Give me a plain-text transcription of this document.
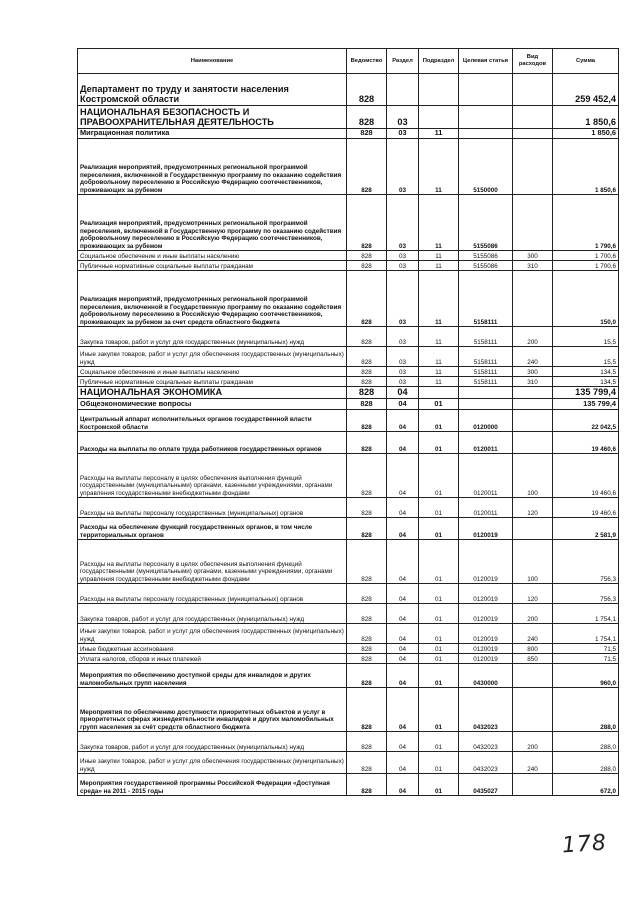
Наименование	Ведомство	Раздел	Подраздел	Целевая статья	Вид расходов	Сумма
Департамент по труду и занятости населения Костромской области	828					259 452,4
НАЦИОНАЛЬНАЯ БЕЗОПАСНОСТЬ И ПРАВООХРАНИТЕЛЬНАЯ ДЕЯТЕЛЬНОСТЬ	828	03				1 850,6
Миграционная политика	828	03	11			1 850,6
Реализация мероприятий, предусмотренных региональной программой переселения, включенной в Государственную программу по оказанию содействия добровольному переселению в Российскую Федерацию соотечественников, проживающих за рубежом	828	03	11	5150000		1 850,6
Реализация мероприятий, предусмотренных региональной программой переселения, включенной в Государственную программу по оказанию содействия добровольному переселению в Российскую Федерацию соотечественников, проживающих за рубежом	828	03	11	5155086		1 790,6
Социальное обеспечение и иные выплаты населению	828	03	11	5155086	300	1 700,6
Публичные нормативные социальные выплаты гражданам	828	03	11	5155086	310	1 700,6
Реализация мероприятий, предусмотренных региональной программой переселения, включенной в Государственную программу по оказанию содействия добровольному переселению в Российскую Федерацию соотечественников, проживающих за рубежом за счет средств областного бюджета	828	03	11	5158111		150,0
Закупка товаров, работ и услуг для государственных (муниципальных) нужд	828	03	11	5158111	200	15,5
Иные закупки товаров, работ и услуг для обеспечения государственных (муниципальных) нужд	828	03	11	5158111	240	15,5
Социальное обеспечение и иные выплаты населению	828	03	11	5158111	300	134,5
Публичные нормативные социальные выплаты гражданам	828	03	11	5158111	310	134,5
НАЦИОНАЛЬНАЯ ЭКОНОМИКА	828	04				135 799,4
Общеэкономические вопросы	828	04	01			135 799,4
Центральный аппарат исполнительных органов государственной власти Костромской области	828	04	01	0120000		22 042,5
Расходы на выплаты по оплате труда работников государственных органов	828	04	01	0120011		19 460,6
Расходы на выплаты персоналу в целях обеспечения выполнения функций государственными (муниципальными) органами, казенными учреждениями, органами управления государственными внебюджетными фондами	828	04	01	0120011	100	19 460,6
Расходы на выплаты персоналу государственных (муниципальных) органов	828	04	01	0120011	120	19 460,6
Расходы на обеспечение функций государственных органов, в том числе территориальных органов	828	04	01	0120019		2 581,9
Расходы на выплаты персоналу в целях обеспечения выполнения функций государственными (муниципальными) органами, казенными учреждениями, органами управления государственными внебюджетными фондами	828	04	01	0120019	100	756,3
Расходы на выплаты персоналу государственных (муниципальных) органов	828	04	01	0120019	120	756,3
Закупка товаров, работ и услуг для государственных (муниципальных) нужд	828	04	01	0120019	200	1 754,1
Иные закупки товаров, работ и услуг для обеспечения государственных (муниципальных) нужд	828	04	01	0120019	240	1 754,1
Иные бюджетные ассигнования	828	04	01	0120019	800	71,5
Уплата налогов, сборов и иных платежей	828	04	01	0120019	850	71,5
Мероприятия по обеспечению доступной среды для инвалидов и других маломобильных групп населения	828	04	01	0430000		960,0
Мероприятия по обеспечению доступности приоритетных объектов и услуг в приоритетных сферах жизнедеятельности инвалидов и других маломобильных групп населения за счёт средств областного бюджета	828	04	01	0432023		288,0
Закупка товаров, работ и услуг для государственных (муниципальных) нужд	828	04	01	0432023	200	288,0
Иные закупки товаров, работ и услуг для обеспечения государственных (муниципальных) нужд	828	04	01	0432023	240	288,0
Мероприятия государственной программы Российской Федерации «Доступная среда» на 2011 - 2015 годы	828	04	01	0435027		672,0
178
